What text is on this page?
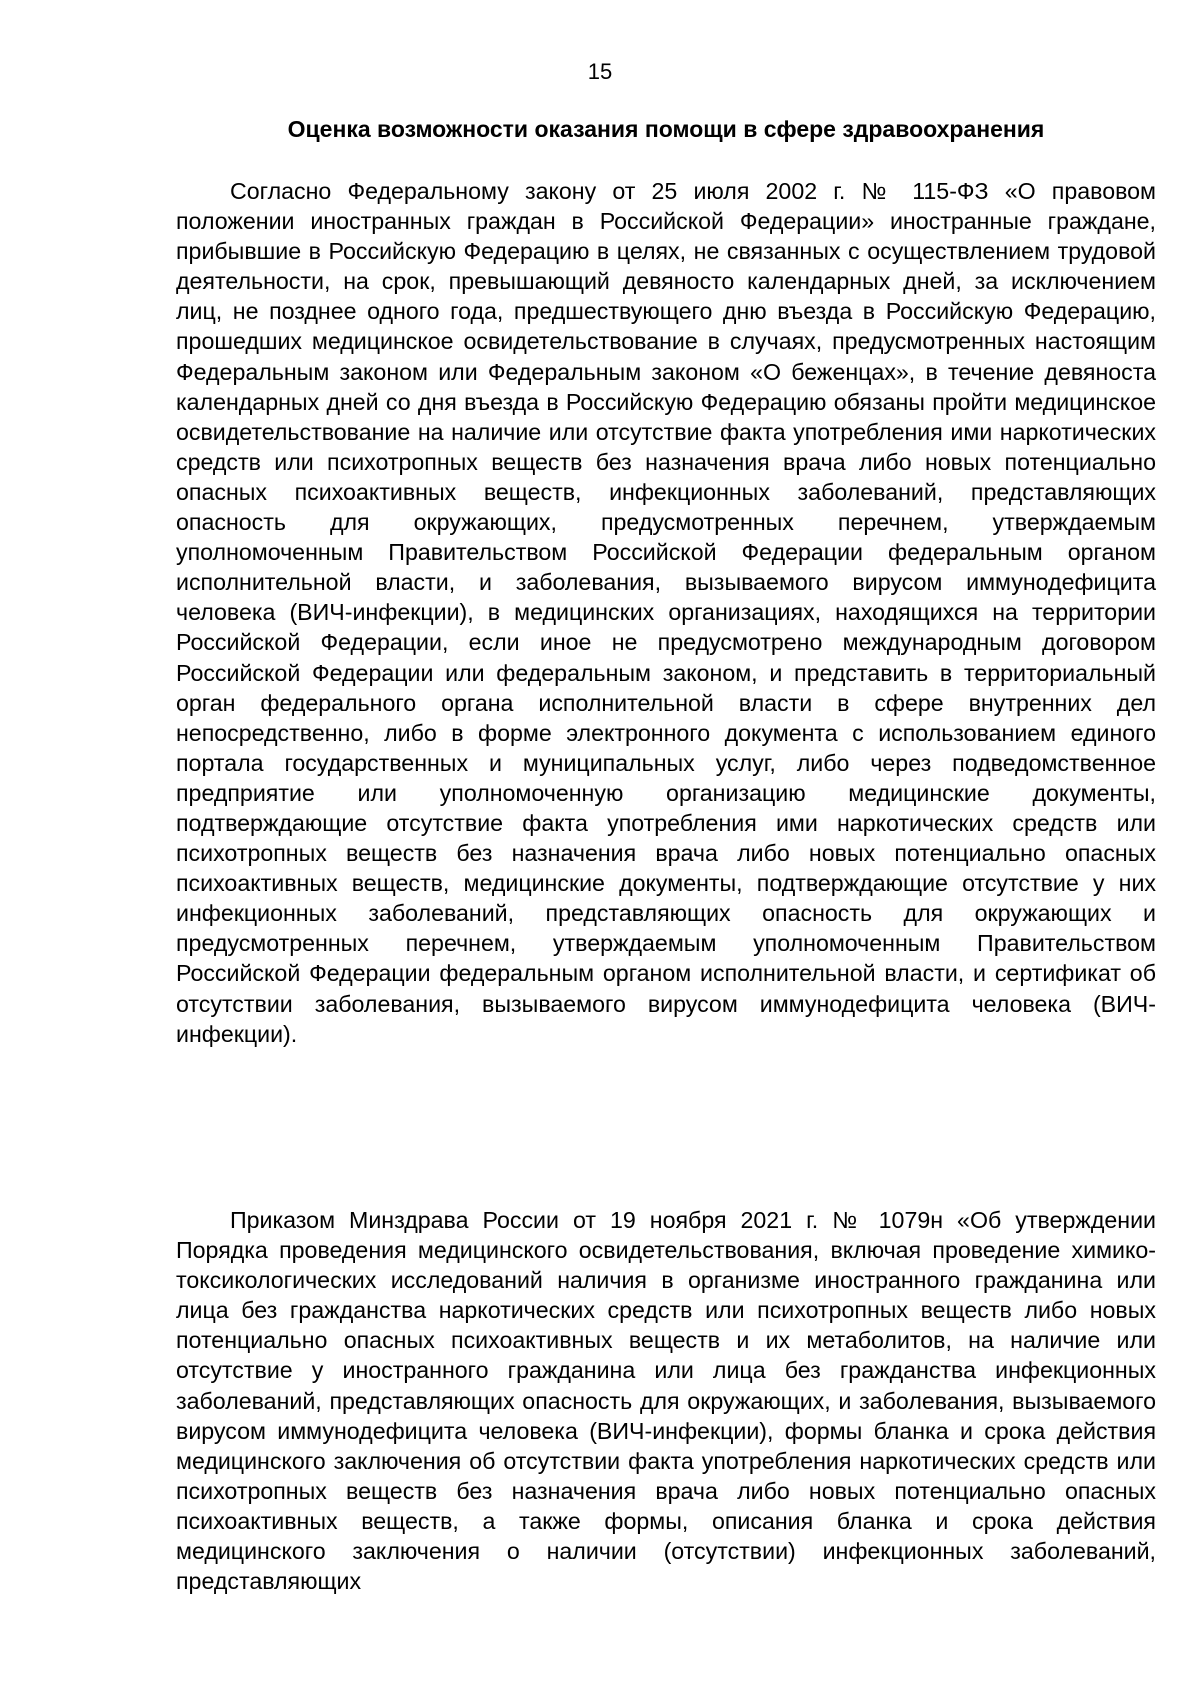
15
Оценка возможности оказания помощи в сфере здравоохранения

Согласно Федеральному закону от 25 июля 2002 г. № 115-ФЗ «О правовом положении иностранных граждан в Российской Федерации» иностранные граждане, прибывшие в Российскую Федерацию в целях, не связанных с осуществлением трудовой деятельности, на срок, превышающий девяносто календарных дней, за исключением лиц, не позднее одного года, предшествующего дню въезда в Российскую Федерацию, прошедших медицинское освидетельствование в случаях, предусмотренных настоящим Федеральным законом или Федеральным законом «О беженцах», в течение девяноста календарных дней со дня въезда в Российскую Федерацию обязаны пройти медицинское освидетельствование на наличие или отсутствие факта употребления ими наркотических средств или психотропных веществ без назначения врача либо новых потенциально опасных психоактивных веществ, инфекционных заболеваний, представляющих опасность для окружающих, предусмотренных перечнем, утверждаемым уполномоченным Правительством Российской Федерации федеральным органом исполнительной власти, и заболевания, вызываемого вирусом иммунодефицита человека (ВИЧ-инфекции), в медицинских организациях, находящихся на территории Российской Федерации, если иное не предусмотрено международным договором Российской Федерации или федеральным законом, и представить в территориальный орган федерального органа исполнительной власти в сфере внутренних дел непосредственно, либо в форме электронного документа с использованием единого портала государственных и муниципальных услуг, либо через подведомственное предприятие или уполномоченную организацию медицинские документы, подтверждающие отсутствие факта употребления ими наркотических средств или психотропных веществ без назначения врача либо новых потенциально опасных психоактивных веществ, медицинские документы, подтверждающие отсутствие у них инфекционных заболеваний, представляющих опасность для окружающих и предусмотренных перечнем, утверждаемым уполномоченным Правительством Российской Федерации федеральным органом исполнительной власти, и сертификат об отсутствии заболевания, вызываемого вирусом иммунодефицита человека (ВИЧ-инфекции).

Приказом Минздрава России от 19 ноября 2021 г. № 1079н «Об утверждении Порядка проведения медицинского освидетельствования, включая проведение химико-токсикологических исследований наличия в организме иностранного гражданина или лица без гражданства наркотических средств или психотропных веществ либо новых потенциально опасных психоактивных веществ и их метаболитов, на наличие или отсутствие у иностранного гражданина или лица без гражданства инфекционных заболеваний, представляющих опасность для окружающих, и заболевания, вызываемого вирусом иммунодефицита человека (ВИЧ-инфекции), формы бланка и срока действия медицинского заключения об отсутствии факта употребления наркотических средств или психотропных веществ без назначения врача либо новых потенциально опасных психоактивных веществ, а также формы, описания бланка и срока действия медицинского заключения о наличии (отсутствии) инфекционных заболеваний, представляющих
